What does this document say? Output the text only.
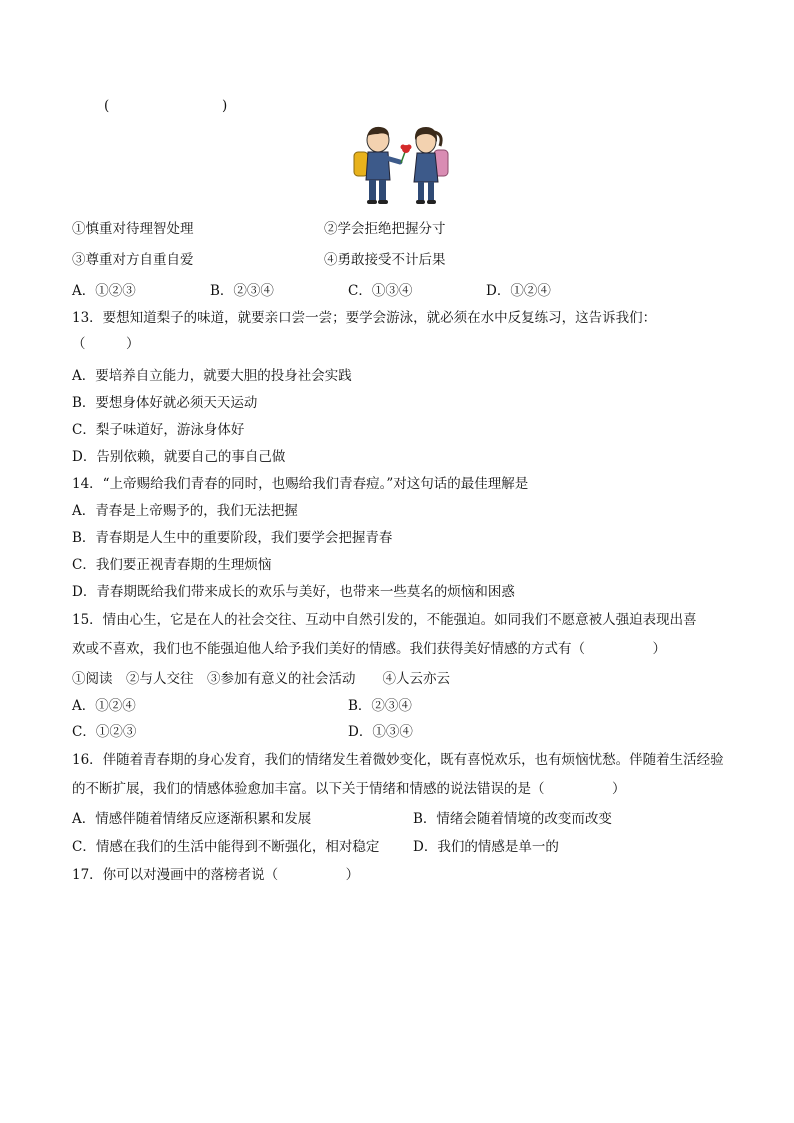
(	)
①慎重对待理智处理	②学会拒绝把握分寸
③尊重对方自重自爱	④勇敢接受不计后果
A．①②③	B．②③④	C．①③④	D．①②④
13．要想知道梨子的味道，就要亲口尝一尝；要学会游泳，就必须在水中反复练习，这告诉我们：
（　　　）
A．要培养自立能力，就要大胆的投身社会实践
B．要想身体好就必须天天运动
C．梨子味道好，游泳身体好
D．告别依赖，就要自己的事自己做
14．“上帝赐给我们青春的同时，也赐给我们青春痘。”对这句话的最佳理解是
A．青春是上帝赐予的，我们无法把握
B．青春期是人生中的重要阶段，我们要学会把握青春
C．我们要正视青春期的生理烦恼
D．青春期既给我们带来成长的欢乐与美好，也带来一些莫名的烦恼和困惑
15．情由心生，它是在人的社会交往、互动中自然引发的，不能强迫。如同我们不愿意被人强迫表现出喜
欢或不喜欢，我们也不能强迫他人给予我们美好的情感。我们获得美好情感的方式有（　　　　　）
①阅读　②与人交往　③参加有意义的社会活动　　④人云亦云
A．①②④	B．②③④
C．①②③	D．①③④
16．伴随着青春期的身心发育，我们的情绪发生着微妙变化，既有喜悦欢乐，也有烦恼忧愁。伴随着生活经验
的不断扩展，我们的情感体验愈加丰富。以下关于情绪和情感的说法错误的是（　　　　　）
A．情感伴随着情绪反应逐渐积累和发展	B．情绪会随着情境的改变而改变
C．情感在我们的生活中能得到不断强化，相对稳定 D．我们的情感是单一的
17．你可以对漫画中的落榜者说（　　　　　）
